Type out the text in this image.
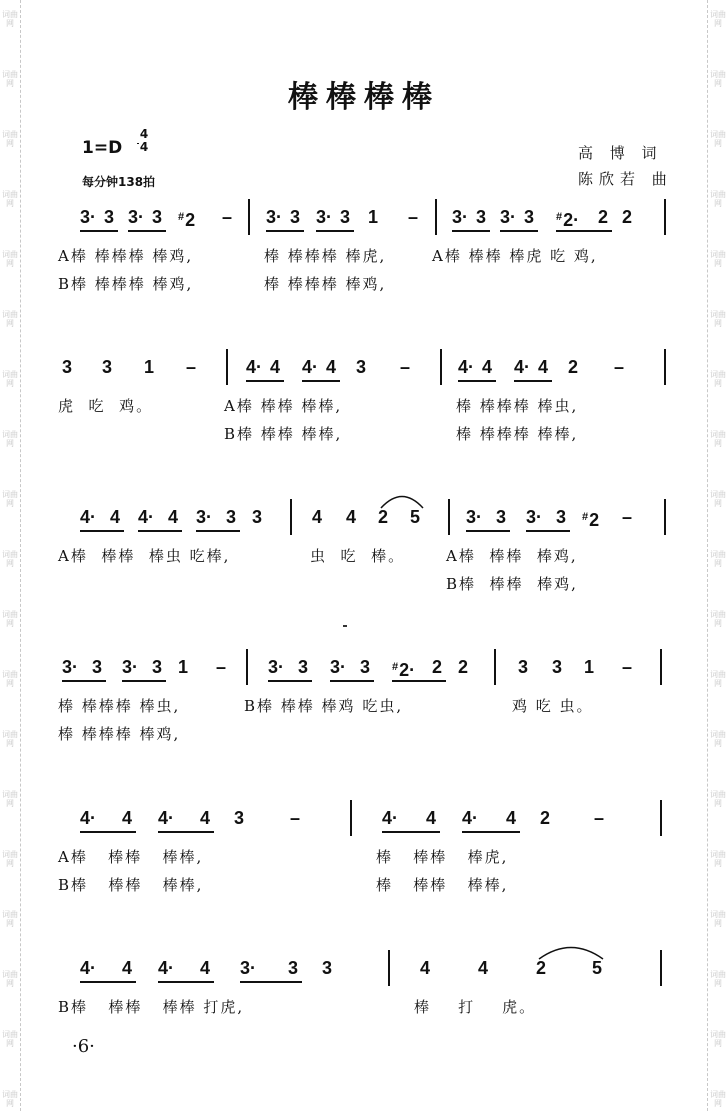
词曲网
词曲网
词曲网
词曲网
词曲网
词曲网
词曲网
词曲网
词曲网
词曲网
词曲网
词曲网
词曲网
词曲网
词曲网
词曲网
词曲网
词曲网
词曲网
词曲网
词曲网
词曲网
词曲网
词曲网
词曲网
词曲网
词曲网
词曲网
词曲网
词曲网
词曲网
词曲网
词曲网
词曲网
词曲网
词曲网
词曲网
词曲网
棒棒棒棒
1=D
4
4
每分钟138拍
高 博 词
陈欣若 曲
3· 3 3· 3 #2 – 3· 3 3· 3 1 – 3· 3 3· 3 #2· 2 2
A棒 棒棒棒 棒鸡,	棒 棒棒棒 棒虎,	A棒 棒棒 棒虎 吃 鸡,
B棒 棒棒棒 棒鸡,	棒 棒棒棒 棒鸡,
3 3 1 –	4· 4 4· 4 3 –	4· 4 4· 4 2 –
虎  吃  鸡。	A棒 棒棒 棒棒,	棒 棒棒棒 棒虫,
B棒 棒棒 棒棒,	棒 棒棒棒 棒棒,
4· 4 4· 4 3· 3 3	4 4 2 5	3· 3 3· 3 #2 –
A棒  棒棒  棒虫 吃棒,	虫  吃  棒。	A棒  棒棒  棒鸡,
B棒  棒棒  棒鸡,
3· 3 3· 3 1 – 3· 3 3· 3 #2· 2 2	3 3 1 –
棒 棒棒棒 棒虫,	B棒 棒棒 棒鸡 吃虫,	鸡 吃 虫。
棒 棒棒棒 棒鸡,
4· 4 4· 4 3	–	4· 4 4· 4 2 –
A棒   棒棒   棒棒,	棒   棒棒   棒虎,
B棒   棒棒   棒棒,	棒   棒棒   棒棒,
4· 4 4· 4 3· 3 3	4	4	2	5
B棒   棒棒   棒棒 打虎,	棒    打    虎。
·6·
